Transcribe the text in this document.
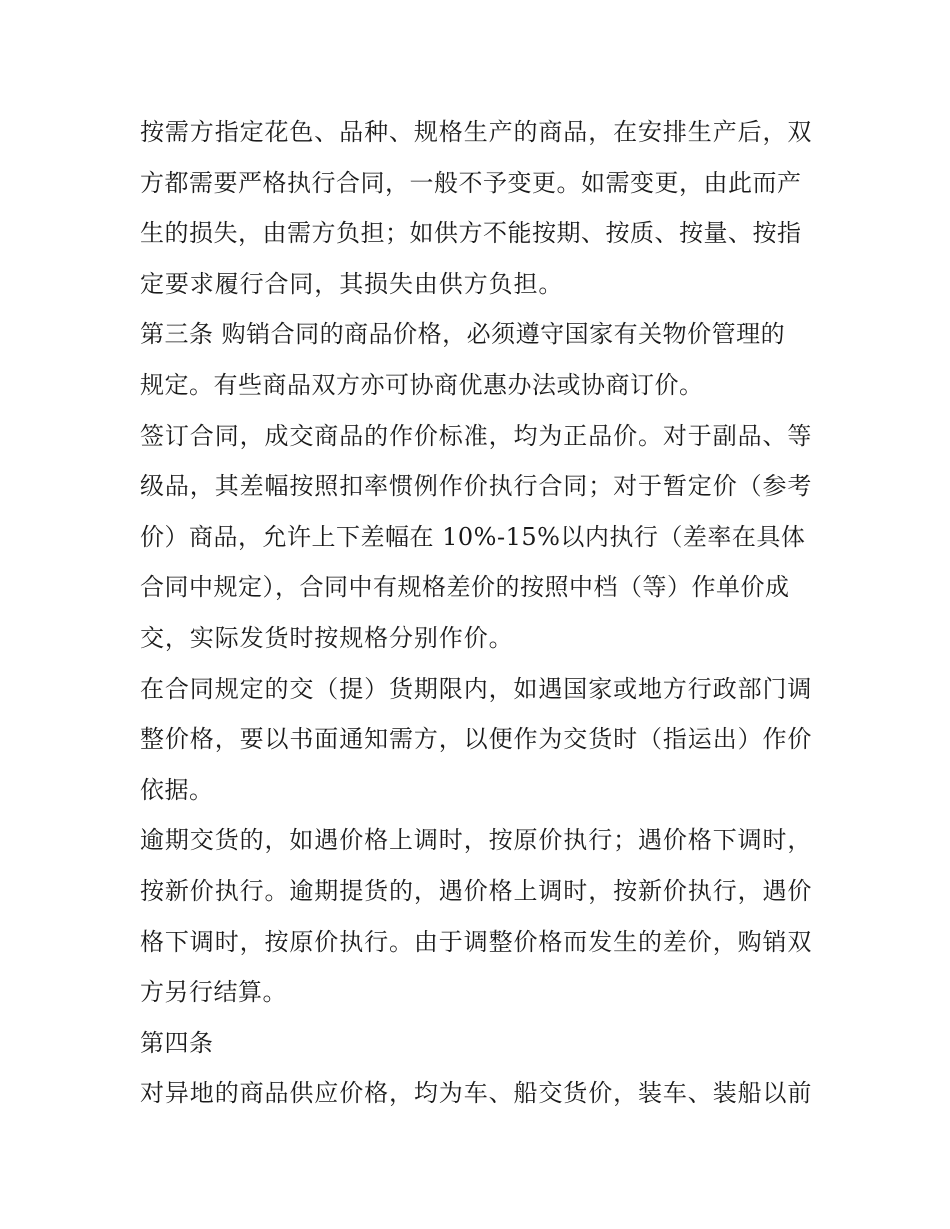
按需方指定花色、品种、规格生产的商品，在安排生产后，双
方都需要严格执行合同，一般不予变更。如需变更，由此而产
生的损失，由需方负担；如供方不能按期、按质、按量、按指
定要求履行合同，其损失由供方负担。
第三条 购销合同的商品价格，必须遵守国家有关物价管理的
规定。有些商品双方亦可协商优惠办法或协商订价。
签订合同，成交商品的作价标准，均为正品价。对于副品、等
级品，其差幅按照扣率惯例作价执行合同；对于暂定价（参考
价）商品，允许上下差幅在 10%-15%以内执行（差率在具体
合同中规定），合同中有规格差价的按照中档（等）作单价成
交，实际发货时按规格分别作价。
在合同规定的交（提）货期限内，如遇国家或地方行政部门调
整价格，要以书面通知需方，以便作为交货时（指运出）作价
依据。
逾期交货的，如遇价格上调时，按原价执行；遇价格下调时，
按新价执行。逾期提货的，遇价格上调时，按新价执行，遇价
格下调时，按原价执行。由于调整价格而发生的差价，购销双
方另行结算。
第四条
对异地的商品供应价格，均为车、船交货价，装车、装船以前
